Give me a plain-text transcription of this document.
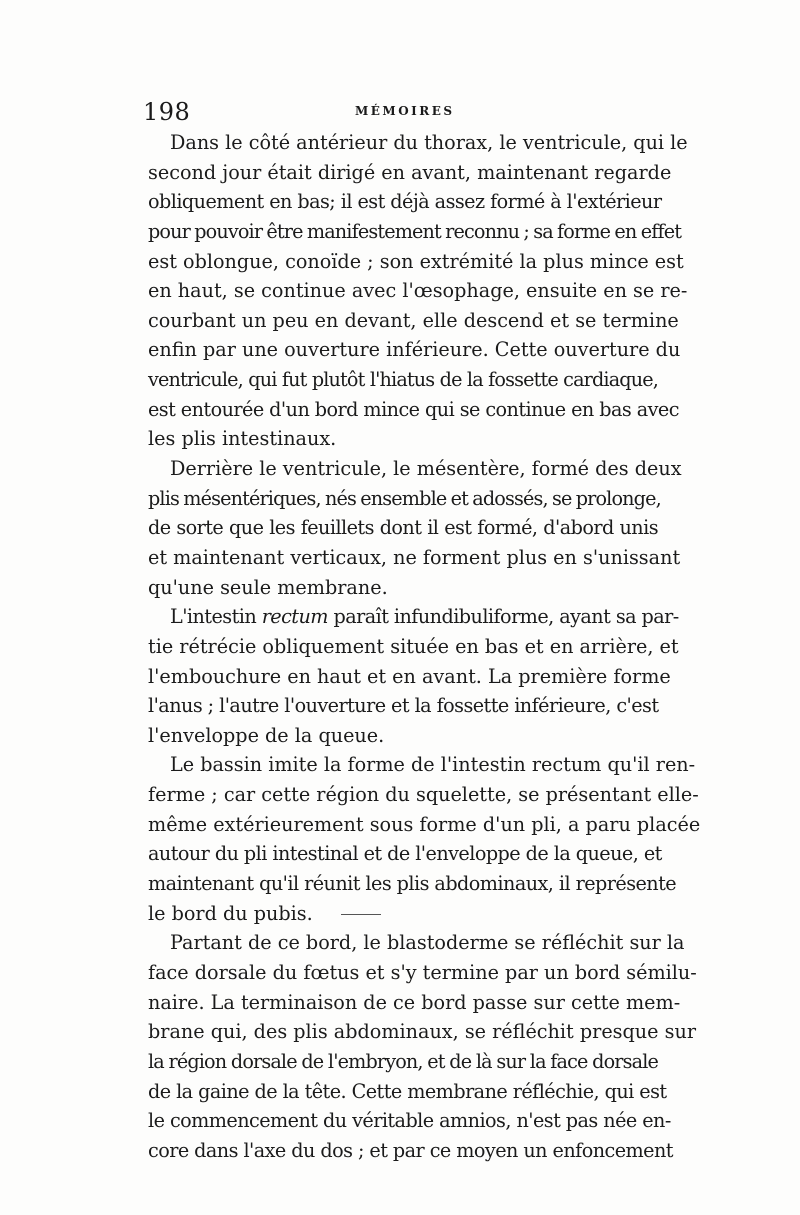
198	MÉMOIRES
Dans le côté antérieur du thorax, le ventricule, qui le
second jour était dirigé en avant, maintenant regarde
obliquement en bas; il est déjà assez formé à l'extérieur
pour pouvoir être manifestement reconnu ; sa forme en effet
est oblongue, conoïde ; son extrémité la plus mince est
en haut, se continue avec l'œsophage, ensuite en se re-
courbant un peu en devant, elle descend et se termine
enfin par une ouverture inférieure. Cette ouverture du
ventricule, qui fut plutôt l'hiatus de la fossette cardiaque,
est entourée d'un bord mince qui se continue en bas avec
les plis intestinaux.
Derrière le ventricule, le mésentère, formé des deux
plis mésentériques, nés ensemble et adossés, se prolonge,
de sorte que les feuillets dont il est formé, d'abord unis
et maintenant verticaux, ne forment plus en s'unissant
qu'une seule membrane.
L'intestin rectum paraît infundibuliforme, ayant sa par-
tie rétrécie obliquement située en bas et en arrière, et
l'embouchure en haut et en avant. La première forme
l'anus ; l'autre l'ouverture et la fossette inférieure, c'est
l'enveloppe de la queue.
Le bassin imite la forme de l'intestin rectum qu'il ren-
ferme ; car cette région du squelette, se présentant elle-
même extérieurement sous forme d'un pli, a paru placée
autour du pli intestinal et de l'enveloppe de la queue, et
maintenant qu'il réunit les plis abdominaux, il représente
le bord du pubis.
Partant de ce bord, le blastoderme se réfléchit sur la
face dorsale du fœtus et s'y termine par un bord sémilu-
naire. La terminaison de ce bord passe sur cette mem-
brane qui, des plis abdominaux, se réfléchit presque sur
la région dorsale de l'embryon, et de là sur la face dorsale
de la gaine de la tête. Cette membrane réfléchie, qui est
le commencement du véritable amnios, n'est pas née en-
core dans l'axe du dos ; et par ce moyen un enfoncement
